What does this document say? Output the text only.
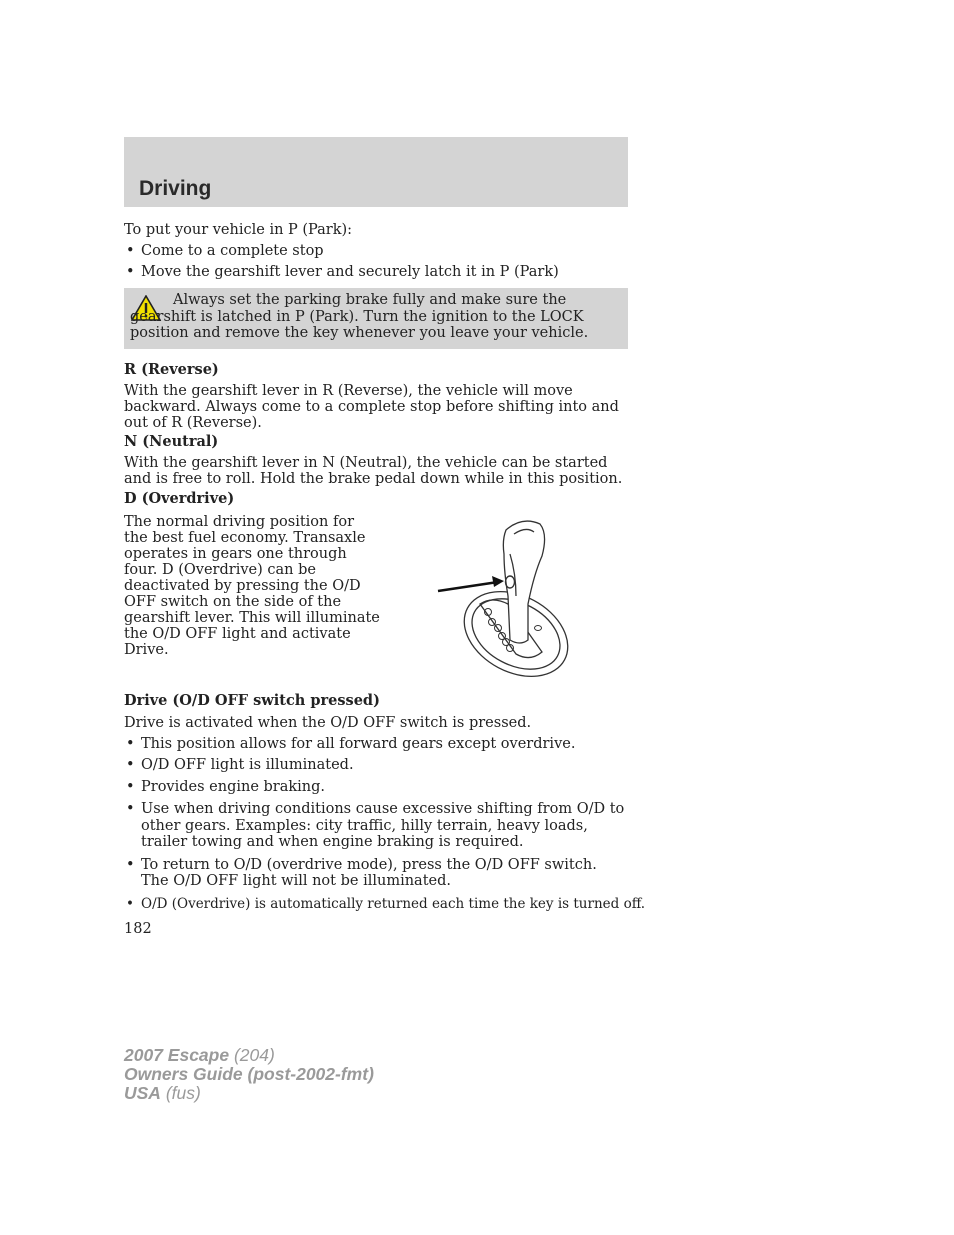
Driving

To put your vehicle in P (Park):

• Come to a complete stop
• Move the gearshift lever and securely latch it in P (Park)
Always set the parking brake fully and make sure the gearshift is latched in P (Park). Turn the ignition to the LOCK position and remove the key whenever you leave your vehicle.
R (Reverse)

With the gearshift lever in R (Reverse), the vehicle will move backward. Always come to a complete stop before shifting into and out of R (Reverse).

N (Neutral)

With the gearshift lever in N (Neutral), the vehicle can be started and is free to roll. Hold the brake pedal down while in this position.

D (Overdrive)

The normal driving position for the best fuel economy. Transaxle operates in gears one through four. D (Overdrive) can be deactivated by pressing the O/D OFF switch on the side of the gearshift lever. This will illuminate the O/D OFF light and activate Drive.

Drive (O/D OFF switch pressed)

Drive is activated when the O/D OFF switch is pressed.

• This position allows for all forward gears except overdrive.
• O/D OFF light is illuminated.
• Provides engine braking.
• Use when driving conditions cause excessive shifting from O/D to other gears. Examples: city traffic, hilly terrain, heavy loads, trailer towing and when engine braking is required.
• To return to O/D (overdrive mode), press the O/D OFF switch. The O/D OFF light will not be illuminated.
• O/D (Overdrive) is automatically returned each time the key is turned off.

182

2007 Escape (204)
Owners Guide (post-2002-fmt)
USA (fus)
